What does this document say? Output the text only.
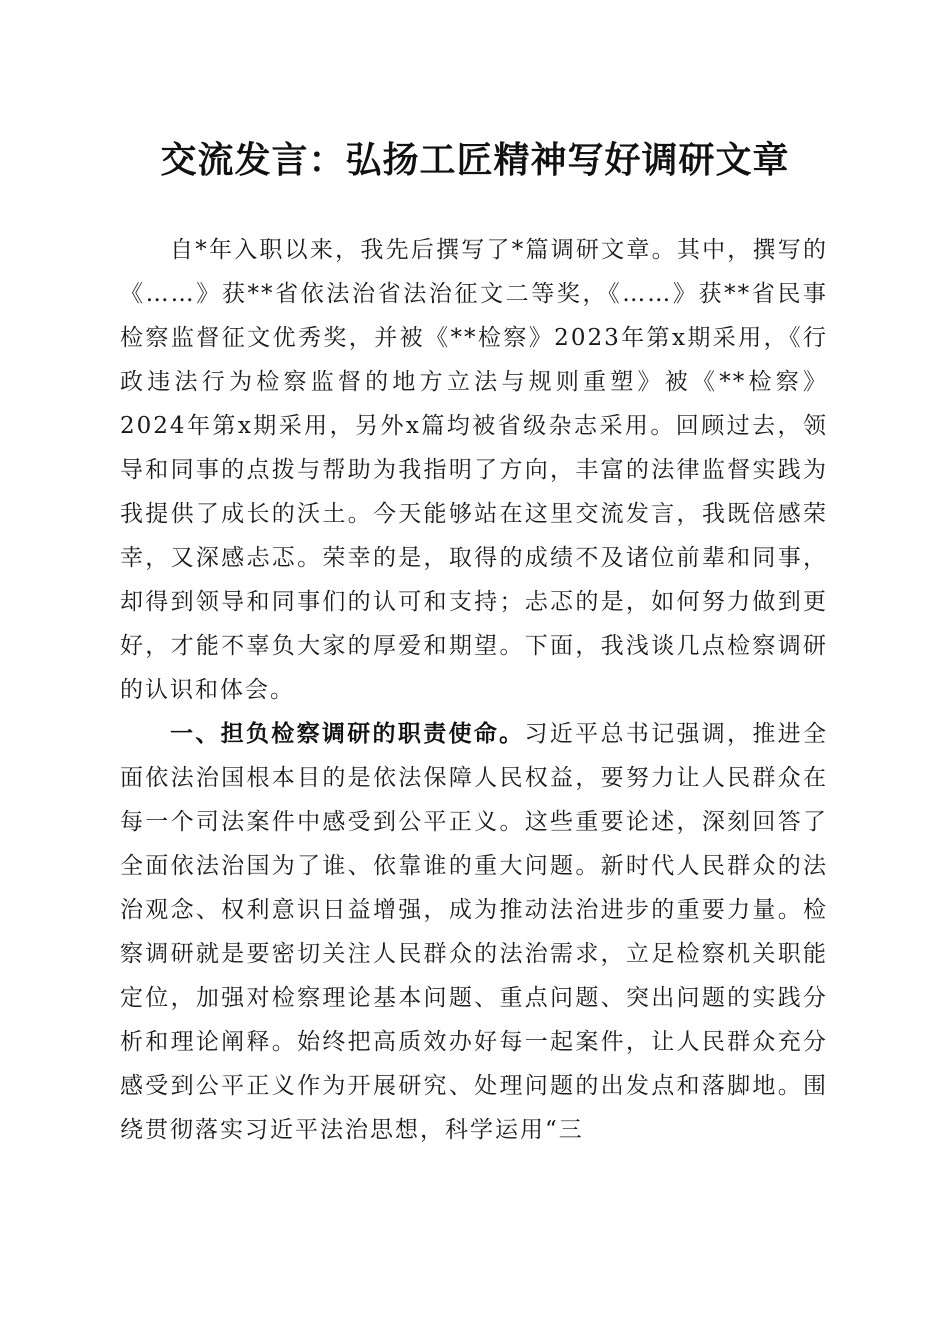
交流发言：弘扬工匠精神写好调研文章

自*年入职以来，我先后撰写了*篇调研文章。其中，撰写的《……》获**省依法治省法治征文二等奖，《……》获**省民事检察监督征文优秀奖，并被《**检察》2023年第x期采用，《行政违法行为检察监督的地方立法与规则重塑》被《**检察》2024年第x期采用，另外x篇均被省级杂志采用。回顾过去，领导和同事的点拨与帮助为我指明了方向，丰富的法律监督实践为我提供了成长的沃土。今天能够站在这里交流发言，我既倍感荣幸，又深感忐忑。荣幸的是，取得的成绩不及诸位前辈和同事，却得到领导和同事们的认可和支持；忐忑的是，如何努力做到更好，才能不辜负大家的厚爱和期望。下面，我浅谈几点检察调研的认识和体会。

一、担负检察调研的职责使命。习近平总书记强调，推进全面依法治国根本目的是依法保障人民权益，要努力让人民群众在每一个司法案件中感受到公平正义。这些重要论述，深刻回答了全面依法治国为了谁、依靠谁的重大问题。新时代人民群众的法治观念、权利意识日益增强，成为推动法治进步的重要力量。检察调研就是要密切关注人民群众的法治需求，立足检察机关职能定位，加强对检察理论基本问题、重点问题、突出问题的实践分析和理论阐释。始终把高质效办好每一起案件，让人民群众充分感受到公平正义作为开展研究、处理问题的出发点和落脚地。围绕贯彻落实习近平法治思想，科学运用“三
